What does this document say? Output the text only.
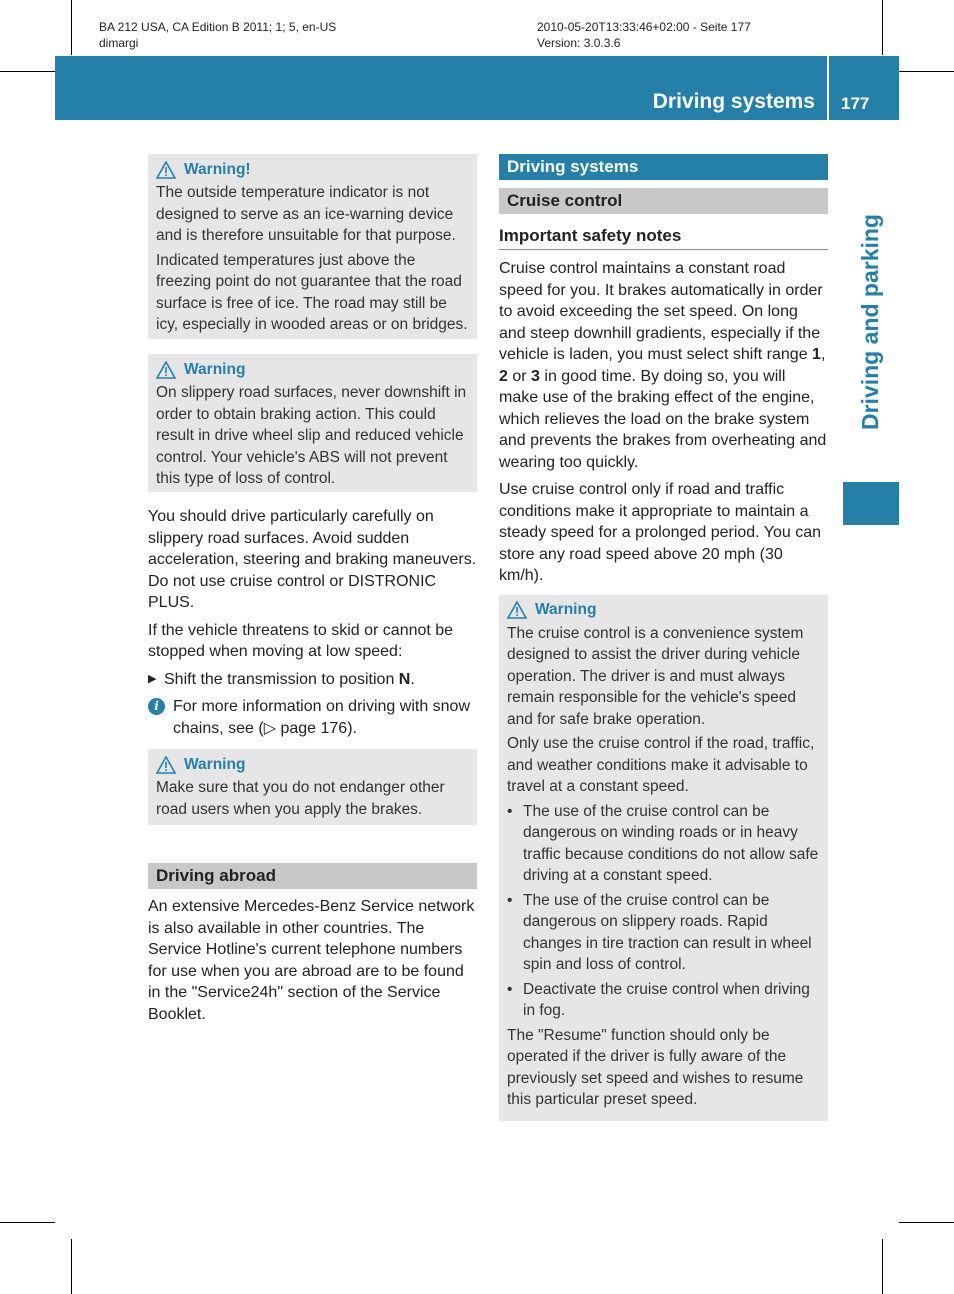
BA 212 USA, CA Edition B 2011; 1; 5, en-US
dimargi
2010-05-20T13:33:46+02:00 - Seite 177
Version: 3.0.3.6
Driving systems 177
Driving and parking
Warning!

The outside temperature indicator is not designed to serve as an ice-warning device and is therefore unsuitable for that purpose.

Indicated temperatures just above the freezing point do not guarantee that the road surface is free of ice. The road may still be icy, especially in wooded areas or on bridges.

Warning

On slippery road surfaces, never downshift in order to obtain braking action. This could result in drive wheel slip and reduced vehicle control. Your vehicle's ABS will not prevent this type of loss of control.

You should drive particularly carefully on slippery road surfaces. Avoid sudden acceleration, steering and braking maneuvers. Do not use cruise control or DISTRONIC PLUS.

If the vehicle threatens to skid or cannot be stopped when moving at low speed:

▶ Shift the transmission to position N.
i For more information on driving with snow chains, see (▷ page 176).
Warning

Make sure that you do not endanger other road users when you apply the brakes.

Driving abroad

An extensive Mercedes-Benz Service network is also available in other countries. The Service Hotline's current telephone numbers for use when you are abroad are to be found in the "Service24h" section of the Service Booklet.

Driving systems
Cruise control
Important safety notes

Cruise control maintains a constant road speed for you. It brakes automatically in order to avoid exceeding the set speed. On long and steep downhill gradients, especially if the vehicle is laden, you must select shift range 1, 2 or 3 in good time. By doing so, you will make use of the braking effect of the engine, which relieves the load on the brake system and prevents the brakes from overheating and wearing too quickly.

Use cruise control only if road and traffic conditions make it appropriate to maintain a steady speed for a prolonged period. You can store any road speed above 20 mph (30 km/h).

Warning

The cruise control is a convenience system designed to assist the driver during vehicle operation. The driver is and must always remain responsible for the vehicle's speed and for safe brake operation.

Only use the cruise control if the road, traffic, and weather conditions make it advisable to travel at a constant speed.

• The use of the cruise control can be dangerous on winding roads or in heavy traffic because conditions do not allow safe driving at a constant speed.
• The use of the cruise control can be dangerous on slippery roads. Rapid changes in tire traction can result in wheel spin and loss of control.
• Deactivate the cruise control when driving in fog.

The "Resume" function should only be operated if the driver is fully aware of the previously set speed and wishes to resume this particular preset speed.
